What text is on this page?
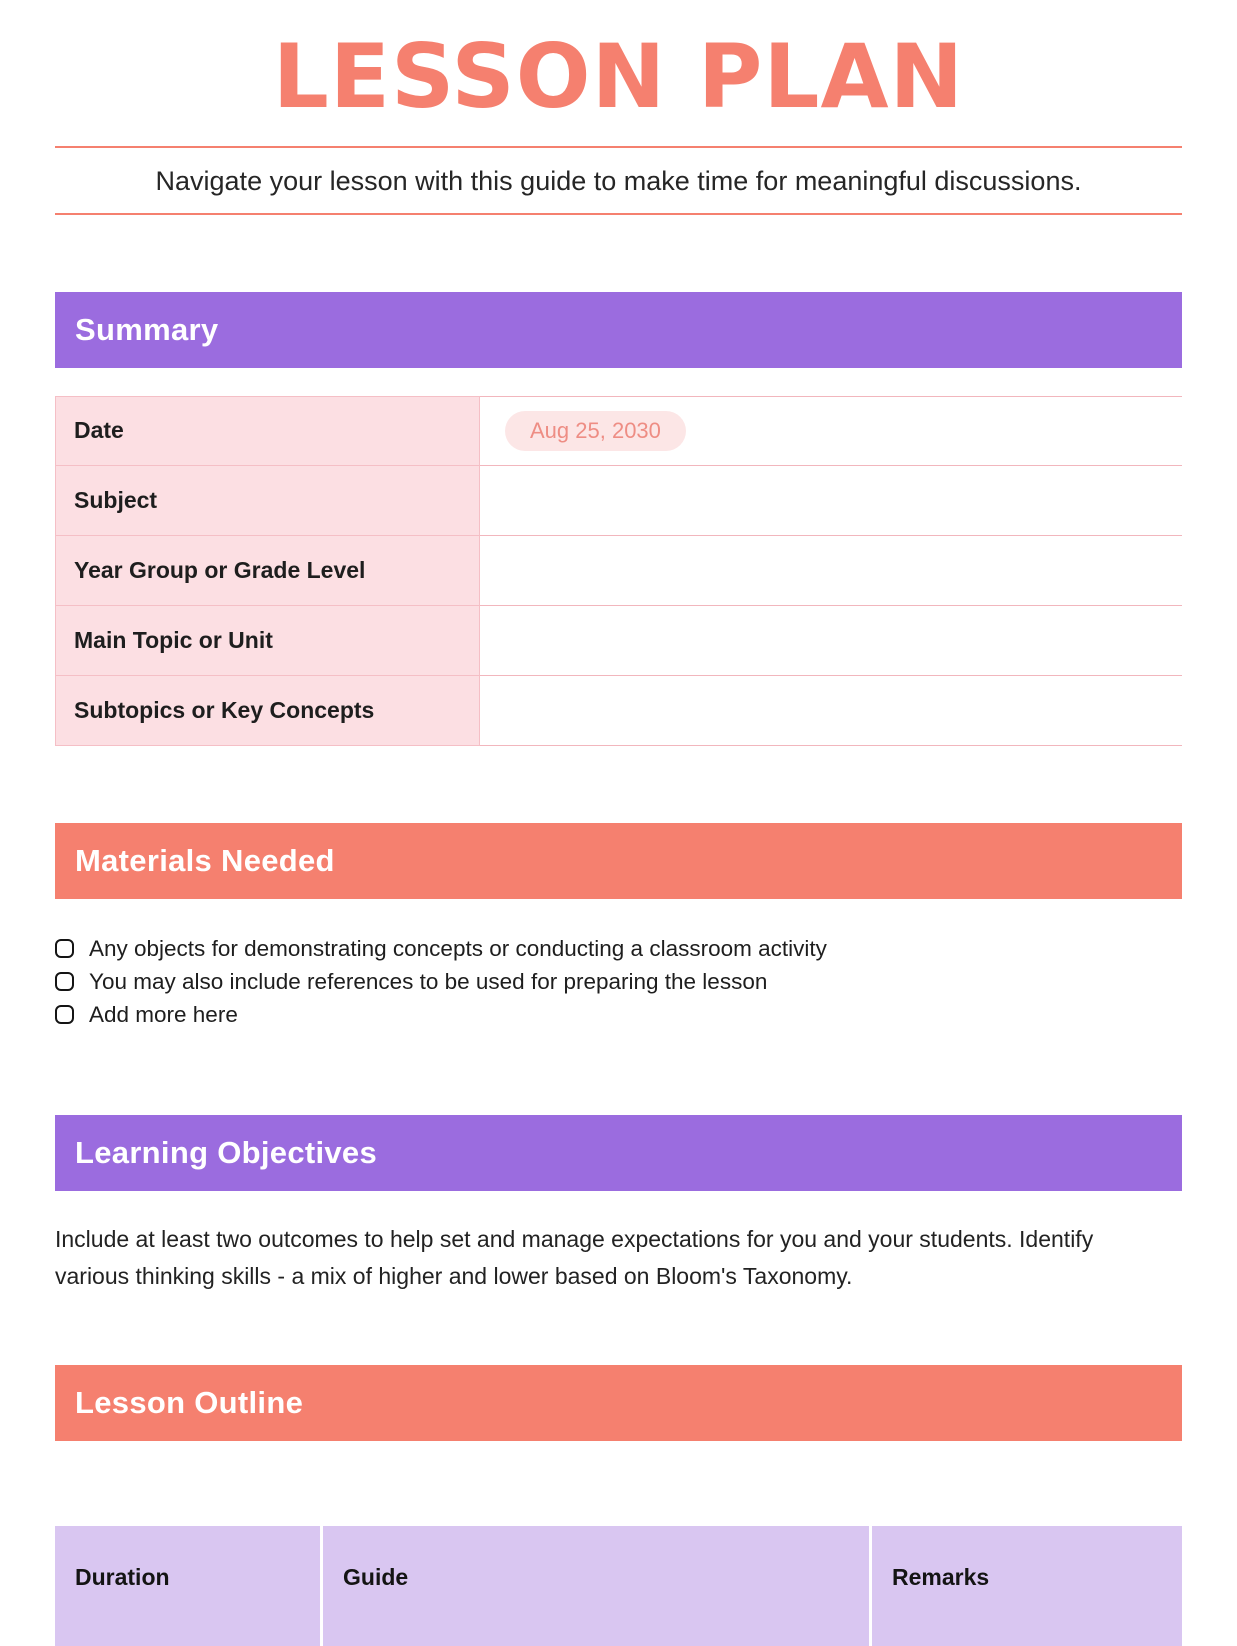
LESSON PLAN

Navigate your lesson with this guide to make time for meaningful discussions.

Summary
Date	Aug 25, 2030
Subject
Year Group or Grade Level
Main Topic or Unit
Subtopics or Key Concepts
Materials Needed
Any objects for demonstrating concepts or conducting a classroom activity
You may also include references to be used for preparing the lesson
Add more here
Learning Objectives

Include at least two outcomes to help set and manage expectations for you and your students. Identify various thinking skills - a mix of higher and lower based on Bloom's Taxonomy.

Lesson Outline
Duration	Guide	Remarks
